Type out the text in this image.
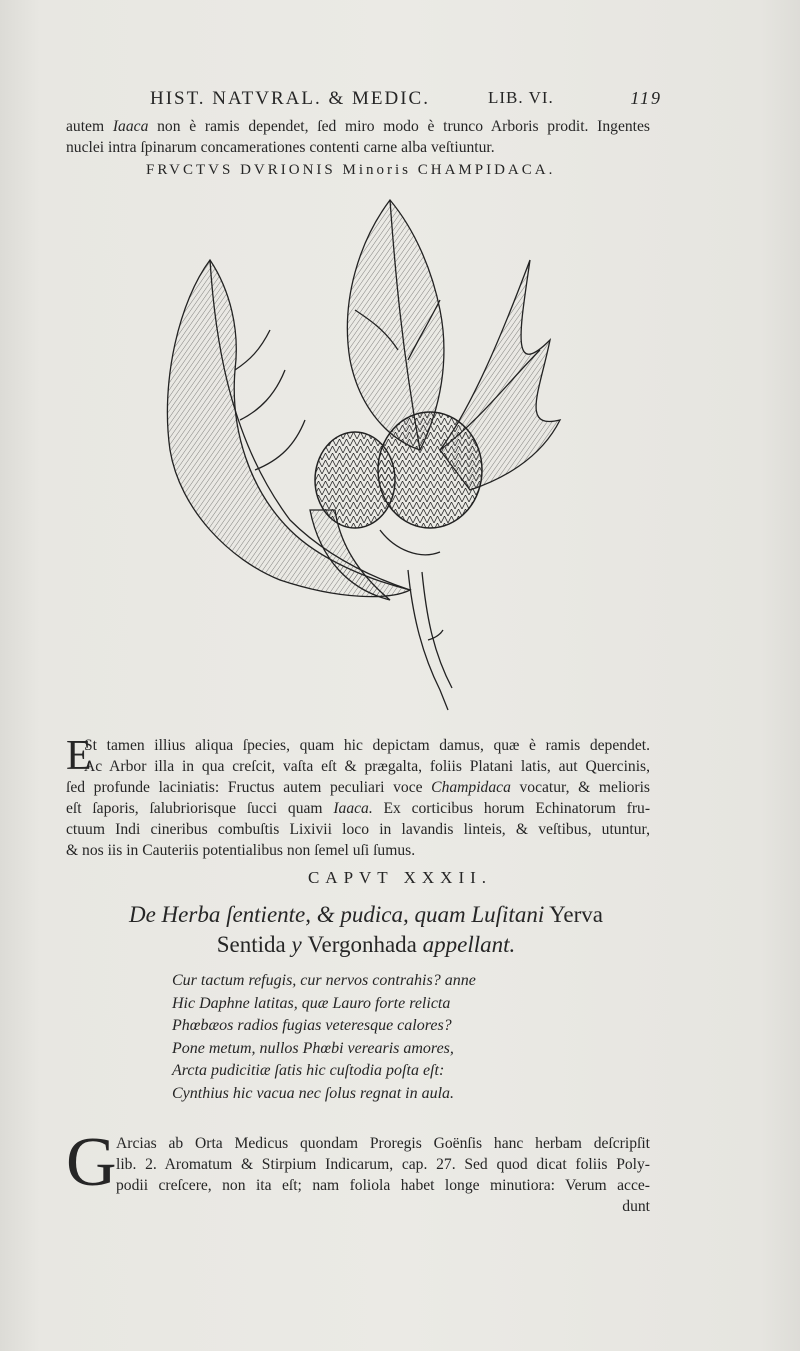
HIST. NATVRAL. & MEDIC.	LIB. VI.	119
autem Iaaca non è ramis dependet, ſed miro modo è trunco Arboris prodit. Ingentes
nuclei intra ſpinarum concamerationes contenti carne alba veſtiuntur.
FRVCTVS DVRIONIS Minoris CHAMPIDACA.
E
St tamen illius aliqua ſpecies, quam hic depictam damus, quæ è ramis dependet.
Ac Arbor illa in qua creſcit, vaſta eſt & prægalta, foliis Platani latis, aut Quercinis,
ſed profunde laciniatis: Fructus autem peculiari voce Champidaca vocatur, & melioris
eſt ſaporis, ſalubriorisque ſucci quam Iaaca. Ex corticibus horum Echinatorum fru-
ctuum Indi cineribus combuſtis Lixivii loco in lavandis linteis, & veſtibus, utuntur,
& nos iis in Cauteriis potentialibus non ſemel uſi ſumus.
CAPVT XXXII.
De Herba ſentiente, & pudica, quam Luſitani Yerva
Sentida y Vergonhada appellant.
Cur tactum refugis, cur nervos contrahis? anne
Hic Daphne latitas, quæ Lauro forte relicta
Phœbæos radios fugias veteresque calores?
Pone metum, nullos Phœbi verearis amores,
Arcta pudicitiæ ſatis hic cuſtodia poſta eſt:
Cynthius hic vacua nec ſolus regnat in aula.
G Arcias ab Orta Medicus quondam Proregis Goënſis hanc herbam deſcripſit
lib. 2. Aromatum & Stirpium Indicarum, cap. 27. Sed quod dicat foliis Poly-
podii creſcere, non ita eſt; nam foliola habet longe minutiora: Verum acce-
dunt
